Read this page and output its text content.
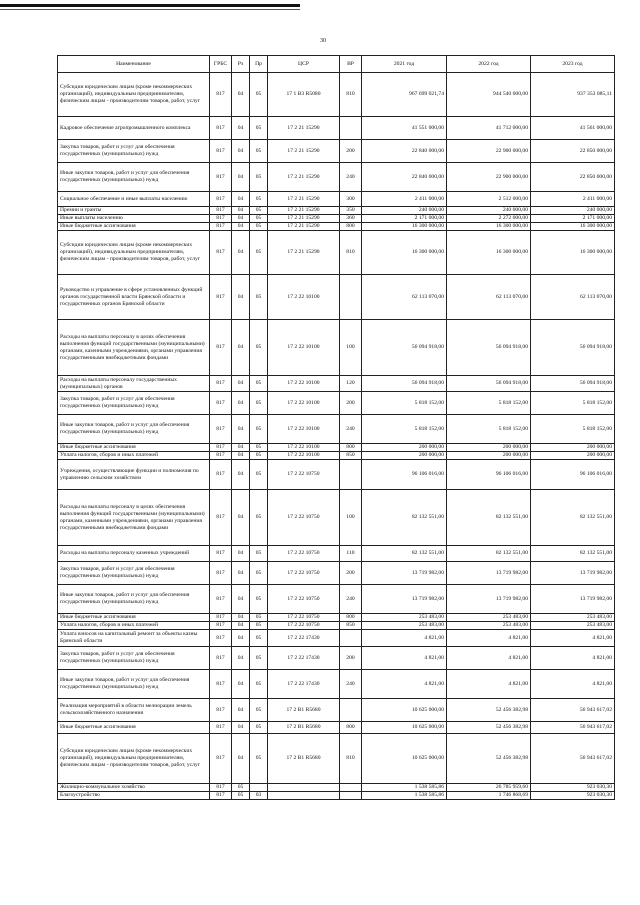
30
Наименование	ГРБС	Рз	Пр	ЦСР	ВР	2021 год	2022 год	2023 год
Субсидии юридическим лицам (кроме некоммерческих организаций), индивидуальным предпринимателям, физическим лицам - производителям товаров, работ, услуг	817	04	05	17 1 В3 R5080	810	967 699 021,74	944 540 000,00	937 353 085,11
Кадровое обеспечение агропромышленного комплекса	817	04	05	17 2 21 15290		41 551 000,00	41 712 000,00	41 561 000,00
Закупка товаров, работ и услуг для обеспечения государственных (муниципальных) нужд	817	04	05	17 2 21 15290	200	22 840 000,00	22 900 000,00	22 850 000,00
Иные закупки товаров, работ и услуг для обеспечения государственных (муниципальных) нужд	817	04	05	17 2 21 15290	240	22 840 000,00	22 900 000,00	22 850 000,00
Социальное обеспечение и иные выплаты населению	817	04	05	17 2 21 15290	300	2 411 000,00	2 512 000,00	2 411 000,00
Премии и гранты	817	04	05	17 2 21 15290	350	240 000,00	240 000,00	240 000,00
Иные выплаты населению	817	04	05	17 2 21 15290	360	2 171 000,00	2 272 000,00	2 171 000,00
Иные бюджетные ассигнования	817	04	05	17 2 21 15290	800	16 300 000,00	16 300 000,00	16 300 000,00
Субсидии юридическим лицам (кроме некоммерческих организаций), индивидуальным предпринимателям, физическим лицам - производителям товаров, работ, услуг	817	04	05	17 2 21 15290	810	16 300 000,00	16 300 000,00	16 300 000,00
Руководство и управление в сфере установленных функций органов государственной власти Брянской области и государственных органов Брянской области	817	04	05	17 2 22 10100		62 113 070,00	62 113 070,00	62 113 070,00
Расходы на выплаты персоналу в целях обеспечения выполнения функций государственными (муниципальными) органами, казенными учреждениями, органами управления государственными внебюджетными фондами	817	04	05	17 2 22 10100	100	56 094 918,00	56 094 918,00	56 094 918,00
Расходы на выплаты персоналу государственных (муниципальных) органов	817	04	05	17 2 22 10100	120	56 094 918,00	56 094 918,00	56 094 918,00
Закупка товаров, работ и услуг для обеспечения государственных (муниципальных) нужд	817	04	05	17 2 22 10100	200	5 818 152,00	5 818 152,00	5 818 152,00
Иные закупки товаров, работ и услуг для обеспечения государственных (муниципальных) нужд	817	04	05	17 2 22 10100	240	5 818 152,00	5 818 152,00	5 818 152,00
Иные бюджетные ассигнования	817	04	05	17 2 22 10100	800	200 000,00	200 000,00	200 000,00
Уплата налогов, сборов и иных платежей	817	04	05	17 2 22 10100	850	200 000,00	200 000,00	200 000,00
Учреждения, осуществляющие функции и полномочия по управлению сельским хозяйством	817	04	05	17 2 22 10750		96 106 016,00	96 106 016,00	96 106 016,00
Расходы на выплаты персоналу в целях обеспечения выполнения функций государственными (муниципальными) органами, казенными учреждениями, органами управления государственными внебюджетными фондами	817	04	05	17 2 22 10750	100	82 132 551,00	82 132 551,00	82 132 551,00
Расходы на выплаты персоналу казенных учреждений	817	04	05	17 2 22 10750	110	82 132 551,00	82 132 551,00	82 132 551,00
Закупка товаров, работ и услуг для обеспечения государственных (муниципальных) нужд	817	04	05	17 2 22 10750	200	13 719 982,00	13 719 982,00	13 719 982,00
Иные закупки товаров, работ и услуг для обеспечения государственных (муниципальных) нужд	817	04	05	17 2 22 10750	240	13 719 982,00	13 719 982,00	13 719 982,00
Иные бюджетные ассигнования	817	04	05	17 2 22 10750	800	253 483,00	253 483,00	253 483,00
Уплата налогов, сборов и иных платежей	817	04	05	17 2 22 10750	850	253 483,00	253 483,00	253 483,00
Уплата взносов на капитальный ремонт за объекты казны Брянской области	817	04	05	17 2 22 17430		4 821,00	4 821,00	4 821,00
Закупка товаров, работ и услуг для обеспечения государственных (муниципальных) нужд	817	04	05	17 2 22 17430	200	4 821,00	4 821,00	4 821,00
Иные закупки товаров, работ и услуг для обеспечения государственных (муниципальных) нужд	817	04	05	17 2 22 17430	240	4 821,00	4 821,00	4 821,00
Реализация мероприятий в области мелиорации земель сельскохозяйственного назначения	817	04	05	17 2 В1 R5680		10 625 000,00	52 456 382,98	56 943 617,02
Иные бюджетные ассигнования	817	04	05	17 2 В1 R5680	800	10 625 000,00	52 456 382,98	56 943 617,02
Субсидии юридическим лицам (кроме некоммерческих организаций), индивидуальным предпринимателям, физическим лицам - производителям товаров, работ, услуг	817	04	05	17 2 В1 R5680	810	10 625 000,00	52 456 382,98	56 943 617,02
Жилищно-коммунальное хозяйство	817	05				1 538 585,86	26 785 959,60	923 030,30
Благоустройство	817	05	03			1 538 585,86	1 746 868,69	923 030,30
